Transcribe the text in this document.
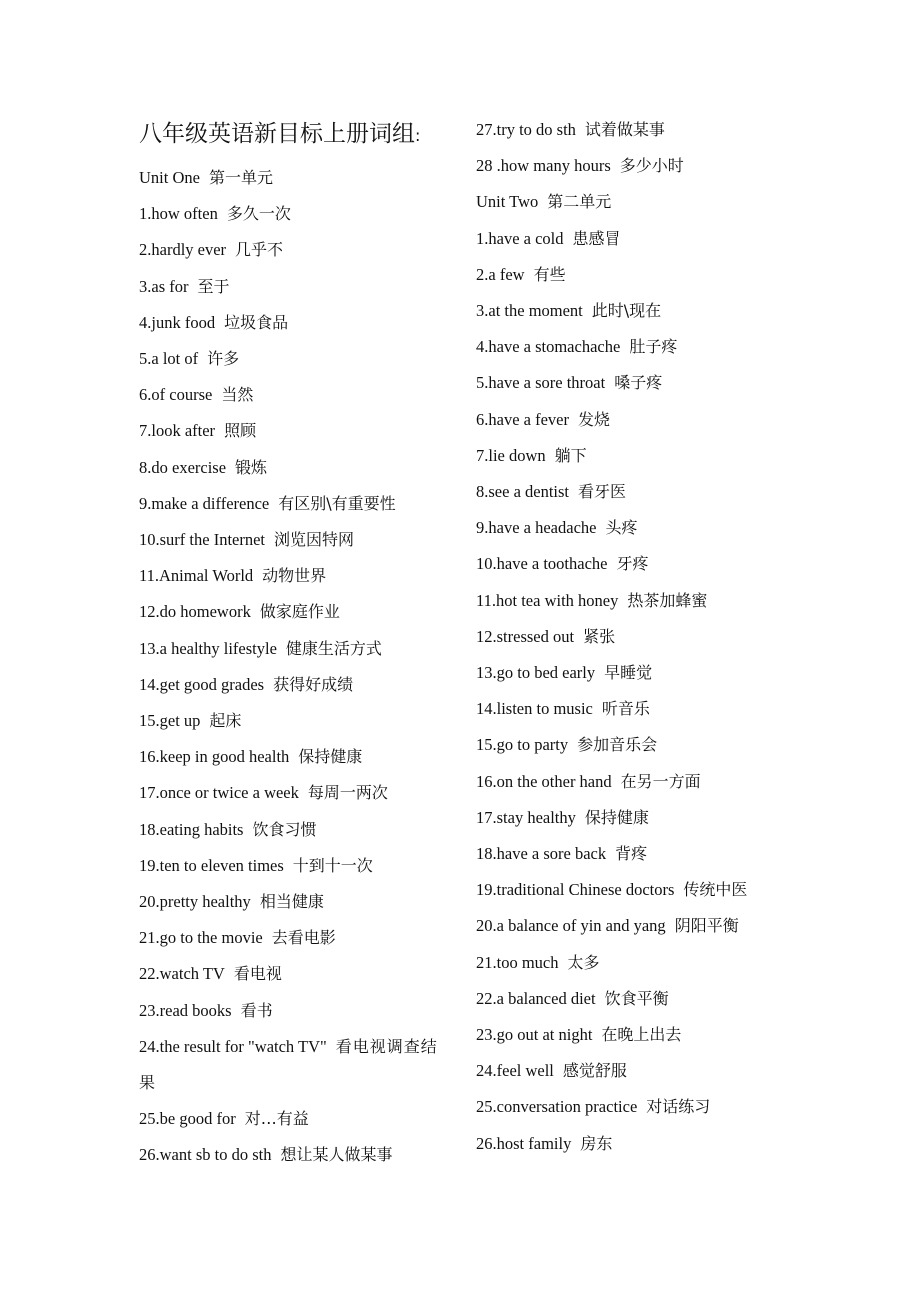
八年级英语新目标上册词组:
Unit One 第一单元
1.how often 多久一次
2.hardly ever 几乎不
3.as for 至于
4.junk food 垃圾食品
5.a lot of 许多
6.of course 当然
7.look after 照顾
8.do exercise 锻炼
9.make a difference 有区别\有重要性
10.surf the Internet 浏览因特网
11.Animal World 动物世界
12.do homework 做家庭作业
13.a healthy lifestyle 健康生活方式
14.get good grades 获得好成绩
15.get up 起床
16.keep in good health 保持健康
17.once or twice a week 每周一两次
18.eating habits 饮食习惯
19.ten to eleven times 十到十一次
20.pretty healthy 相当健康
21.go to the movie 去看电影
22.watch TV 看电视
23.read books 看书
24.the result for "watch TV" 看电视调查结果
25.be good for 对…有益
26.want sb to do sth 想让某人做某事
27.try to do sth 试着做某事
28 .how many hours 多少小时
Unit Two 第二单元
1.have a cold 患感冒
2.a few 有些
3.at the moment 此时\现在
4.have a stomachache 肚子疼
5.have a sore throat 嗓子疼
6.have a fever 发烧
7.lie down 躺下
8.see a dentist 看牙医
9.have a headache 头疼
10.have a toothache 牙疼
11.hot tea with honey 热茶加蜂蜜
12.stressed out 紧张
13.go to bed early 早睡觉
14.listen to music 听音乐
15.go to party 参加音乐会
16.on the other hand 在另一方面
17.stay healthy 保持健康
18.have a sore back 背疼
19.traditional Chinese doctors 传统中医
20.a balance of yin and yang 阴阳平衡
21.too much 太多
22.a balanced diet 饮食平衡
23.go out at night 在晚上出去
24.feel well 感觉舒服
25.conversation practice 对话练习
26.host family 房东
